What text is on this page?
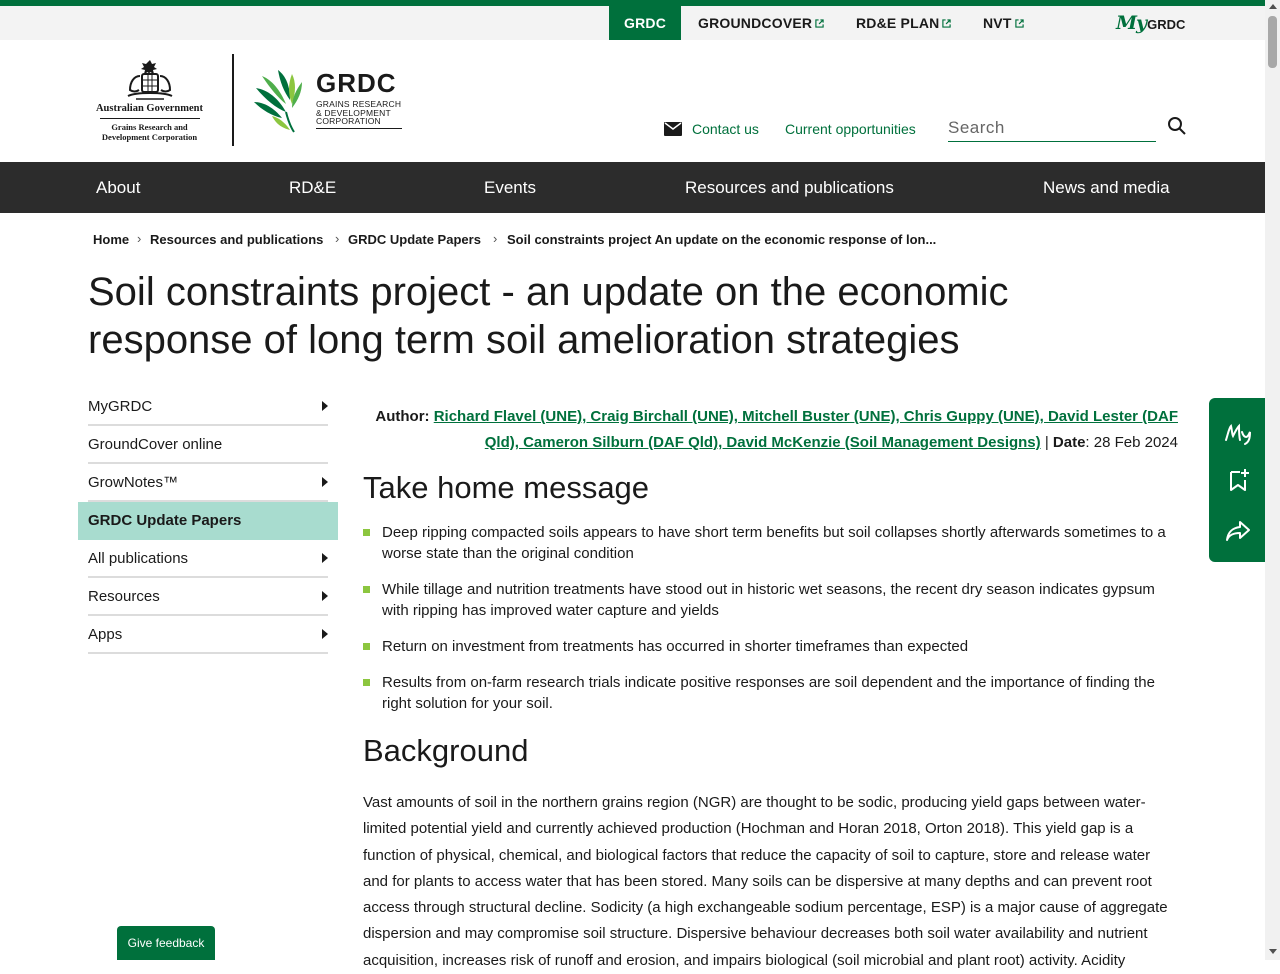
GRDC	GROUNDCOVER	RD&E PLAN	NVT	MyGRDC
Australian Government
Grains Research and
Development Corporation
GRDC
GRAINS RESEARCH
& DEVELOPMENT
CORPORATION	Contact us Current opportunities
Search
About	RD&E	Events	Resources and publications	News and media
Home › Resources and publications › GRDC Update Papers › Soil constraints project An update on the economic response of lon...
Soil constraints project - an update on the economic
response of long term soil amelioration strategies
MyGRDC
GroundCover online
GrowNotes™
GRDC Update Papers
All publications
Resources
Apps
Author: Richard Flavel (UNE), Craig Birchall (UNE), Mitchell Buster (UNE), Chris Guppy (UNE), David Lester (DAF
Qld), Cameron Silburn (DAF Qld), David McKenzie (Soil Management Designs) | Date: 28 Feb 2024
Take home message
Deep ripping compacted soils appears to have short term benefits but soil collapses shortly afterwards sometimes to a worse state than the original condition
While tillage and nutrition treatments have stood out in historic wet seasons, the recent dry season indicates gypsum with ripping has improved water capture and yields
Return on investment from treatments has occurred in shorter timeframes than expected
Results from on-farm research trials indicate positive responses are soil dependent and the importance of finding the right solution for your soil.
Background

Vast amounts of soil in the northern grains region (NGR) are thought to be sodic, producing yield gaps between water-limited potential yield and currently achieved production (Hochman and Horan 2018, Orton 2018). This yield gap is a function of physical, chemical, and biological factors that reduce the capacity of soil to capture, store and release water and for plants to access water that has been stored. Many soils can be dispersive at many depths and can prevent root access through structural decline. Sodicity (a high exchangeable sodium percentage, ESP) is a major cause of aggregate dispersion and may compromise soil structure. Dispersive behaviour decreases both soil water availability and nutrient acquisition, increases risk of runoff and erosion, and impairs biological (soil microbial and plant root) activity. Acidity

Give feedback
